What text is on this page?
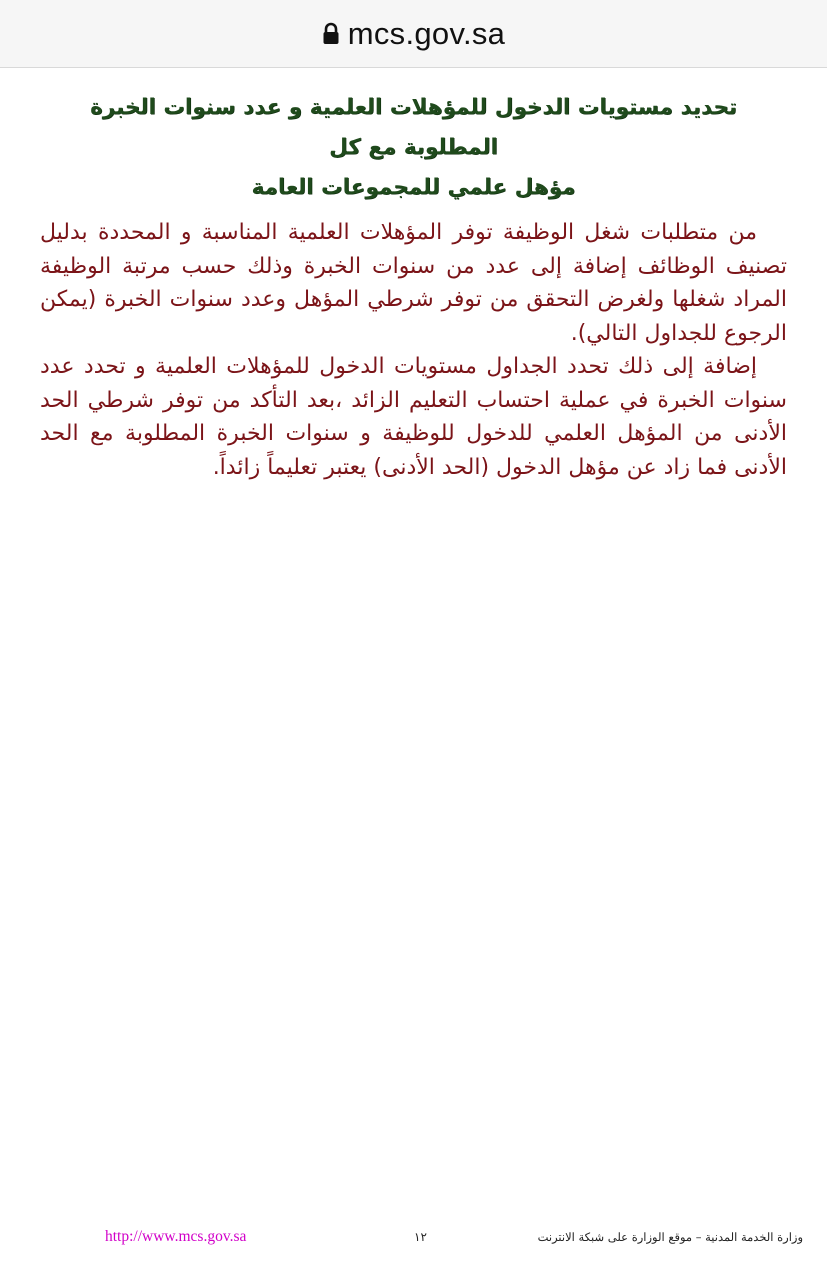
mcs.gov.sa
تحديد مستويات الدخول للمؤهلات العلمية و عدد سنوات الخبرة المطلوبة مع كل
مؤهل علمي للمجموعات العامة

من متطلبات شغل الوظيفة توفر المؤهلات العلمية المناسبة و المحددة بدليل تصنيف الوظائف إضافة إلى عدد من سنوات الخبرة وذلك حسب مرتبة الوظيفة المراد شغلها ولغرض التحقق من توفر شرطي المؤهل وعدد سنوات الخبرة (يمكن الرجوع للجداول التالي).

إضافة إلى ذلك تحدد الجداول مستويات الدخول للمؤهلات العلمية و تحدد عدد سنوات الخبرة في عملية احتساب التعليم الزائد ،بعد التأكد من توفر شرطي الحد الأدنى من المؤهل العلمي للدخول للوظيفة و سنوات الخبرة المطلوبة مع الحد الأدنى فما زاد عن مؤهل الدخول (الحد الأدنى) يعتبر تعليماً زائداً.

http://www.mcs.gov.sa	١٢	وزارة الخدمة المدنية – موقع الوزارة على شبكة الانترنت
